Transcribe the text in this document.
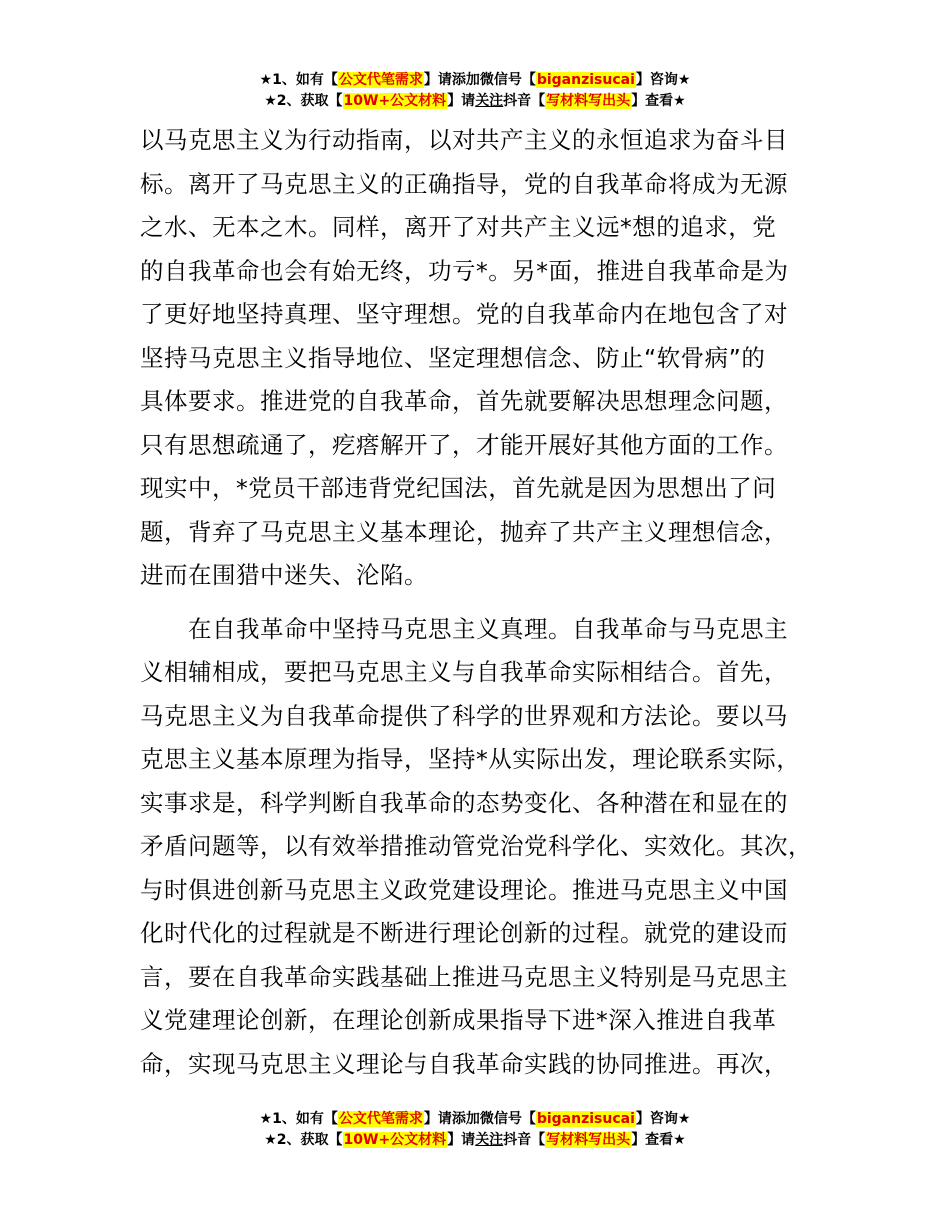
★1、如有【公文代笔需求】请添加微信号【biganzisucai】咨询★
★2、获取【10W+公文材料】请关注抖音【写材料写出头】查看★
以马克思主义为行动指南，以对共产主义的永恒追求为奋斗目
标。离开了马克思主义的正确指导，党的自我革命将成为无源
之水、无本之木。同样，离开了对共产主义远*想的追求，党
的自我革命也会有始无终，功亏*。另*面，推进自我革命是为
了更好地坚持真理、坚守理想。党的自我革命内在地包含了对
坚持马克思主义指导地位、坚定理想信念、防止“软骨病”的
具体要求。推进党的自我革命，首先就要解决思想理念问题，
只有思想疏通了，疙瘩解开了，才能开展好其他方面的工作。
现实中，*党员干部违背党纪国法，首先就是因为思想出了问
题，背弃了马克思主义基本理论，抛弃了共产主义理想信念，
进而在围猎中迷失、沦陷。
在自我革命中坚持马克思主义真理。自我革命与马克思主
义相辅相成，要把马克思主义与自我革命实际相结合。首先，
马克思主义为自我革命提供了科学的世界观和方法论。要以马
克思主义基本原理为指导，坚持*从实际出发，理论联系实际，
实事求是，科学判断自我革命的态势变化、各种潜在和显在的
矛盾问题等，以有效举措推动管党治党科学化、实效化。其次，
与时俱进创新马克思主义政党建设理论。推进马克思主义中国
化时代化的过程就是不断进行理论创新的过程。就党的建设而
言，要在自我革命实践基础上推进马克思主义特别是马克思主
义党建理论创新，在理论创新成果指导下进*深入推进自我革
命，实现马克思主义理论与自我革命实践的协同推进。再次，
★1、如有【公文代笔需求】请添加微信号【biganzisucai】咨询★
★2、获取【10W+公文材料】请关注抖音【写材料写出头】查看★
